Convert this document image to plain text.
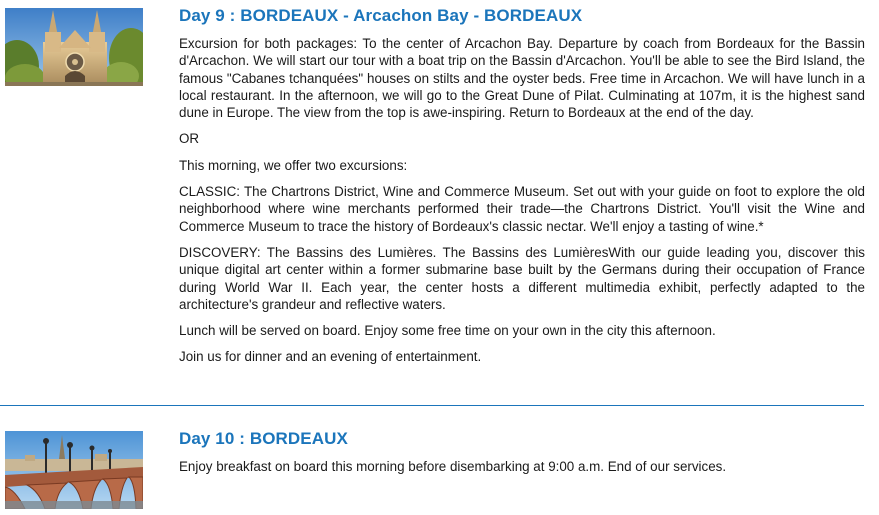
Day 9 : BORDEAUX - Arcachon Bay - BORDEAUX

Excursion for both packages: To the center of Arcachon Bay. Departure by coach from Bordeaux for the Bassin d'Arcachon. We will start our tour with a boat trip on the Bassin d'Arcachon. You'll be able to see the Bird Island, the famous "Cabanes tchanquées" houses on stilts and the oyster beds. Free time in Arcachon. We will have lunch in a local restaurant. In the afternoon, we will go to the Great Dune of Pilat. Culminating at 107m, it is the highest sand dune in Europe. The view from the top is awe-inspiring. Return to Bordeaux at the end of the day.

OR

This morning, we offer two excursions:

CLASSIC: The Chartrons District, Wine and Commerce Museum. Set out with your guide on foot to explore the old neighborhood where wine merchants performed their trade—the Chartrons District. You'll visit the Wine and Commerce Museum to trace the history of Bordeaux's classic nectar. We'll enjoy a tasting of wine.*

DISCOVERY: The Bassins des Lumières. The Bassins des LumièresWith our guide leading you, discover this unique digital art center within a former submarine base built by the Germans during their occupation of France during World War II. Each year, the center hosts a different multimedia exhibit, perfectly adapted to the architecture's grandeur and reflective waters.

Lunch will be served on board. Enjoy some free time on your own in the city this afternoon.

Join us for dinner and an evening of entertainment.

Day 10 : BORDEAUX

Enjoy breakfast on board this morning before disembarking at 9:00 a.m. End of our services.
